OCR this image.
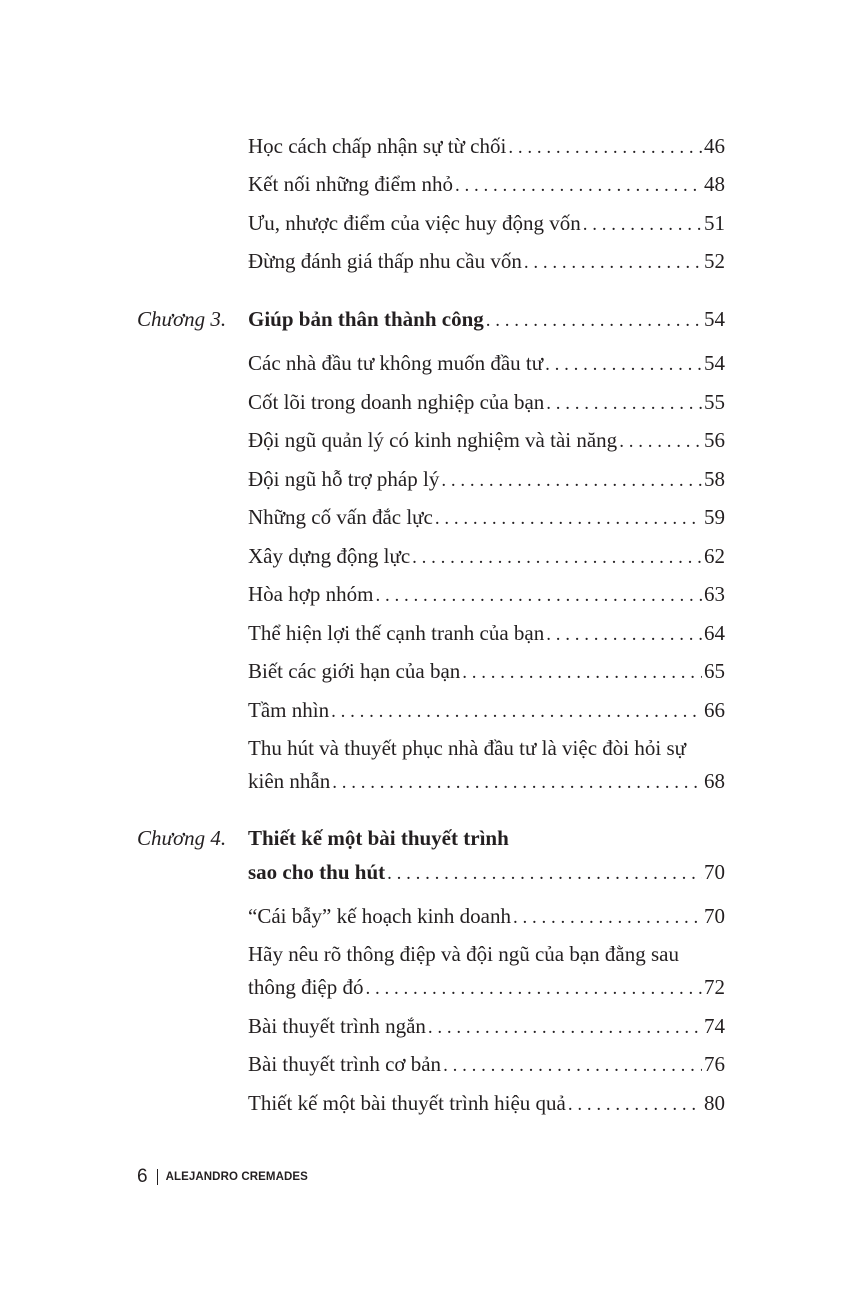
Học cách chấp nhận sự từ chối . . .	46
Kết nối những điểm nhỏ . . .	48
Ưu, nhược điểm của việc huy động vốn . . .	51
Đừng đánh giá thấp nhu cầu vốn . . .	52
Chương 3. Giúp bản thân thành công . . .	54
Các nhà đầu tư không muốn đầu tư . . .	54
Cốt lõi trong doanh nghiệp của bạn . . .	55
Đội ngũ quản lý có kinh nghiệm và tài năng . . .	56
Đội ngũ hỗ trợ pháp lý . . .	58
Những cố vấn đắc lực . . .	59
Xây dựng động lực . . .	62
Hòa hợp nhóm . . .	63
Thể hiện lợi thế cạnh tranh của bạn . . .	64
Biết các giới hạn của bạn . . .	65
Tầm nhìn . . .	66
Thu hút và thuyết phục nhà đầu tư là việc đòi hỏi sự
kiên nhẫn . . .	68
Chương 4. Thiết kế một bài thuyết trình
sao cho thu hút . . .	70
“Cái bẫy” kế hoạch kinh doanh . . .	70
Hãy nêu rõ thông điệp và đội ngũ của bạn đằng sau
thông điệp đó . . .	72
Bài thuyết trình ngắn . . .	74
Bài thuyết trình cơ bản . . .	76
Thiết kế một bài thuyết trình hiệu quả . . .	80
6 ALEJANDRO CREMADES
